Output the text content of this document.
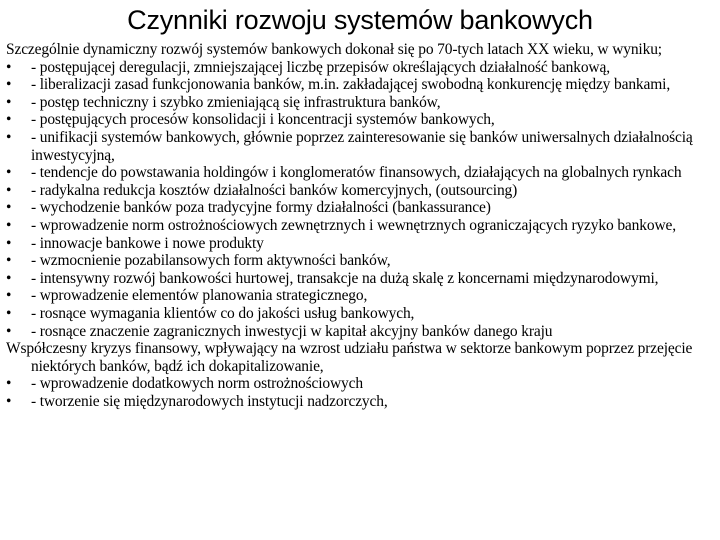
Czynniki rozwoju systemów bankowych

Szczególnie dynamiczny rozwój systemów bankowych dokonał się po 70-tych latach XX wieku, w wyniku;

•	- postępującej deregulacji, zmniejszającej liczbę przepisów określających działalność bankową,
•	- liberalizacji zasad funkcjonowania banków, m.in. zakładającej swobodną konkurencję między bankami,
•	- postęp techniczny i szybko zmieniającą się infrastruktura banków,
•	- postępujących procesów konsolidacji i koncentracji systemów bankowych,
•	- unifikacji systemów bankowych, głównie poprzez zainteresowanie się banków uniwersalnych działalnością inwestycyjną,
•	- tendencje do powstawania holdingów i konglomeratów finansowych, działających na globalnych rynkach
•	- radykalna redukcja kosztów działalności banków komercyjnych, (outsourcing)
•	- wychodzenie banków poza tradycyjne formy działalności (bankassurance)
•	- wprowadzenie norm ostrożnościowych zewnętrznych i wewnętrznych ograniczających ryzyko bankowe,
•	- innowacje bankowe i nowe produkty
•	- wzmocnienie pozabilansowych form aktywności banków,
•	- intensywny rozwój bankowości hurtowej, transakcje na dużą skalę z koncernami międzynarodowymi,
•	- wprowadzenie elementów planowania strategicznego,
•	- rosnące wymagania klientów co do jakości usług bankowych,
•	- rosnące znaczenie zagranicznych inwestycji w kapitał akcyjny banków danego kraju

Współczesny kryzys finansowy, wpływający na wzrost udziału państwa w sektorze bankowym poprzez przejęcie niektórych banków, bądź ich dokapitalizowanie,

•	- wprowadzenie dodatkowych norm ostrożnościowych
•	- tworzenie się międzynarodowych instytucji nadzorczych,
